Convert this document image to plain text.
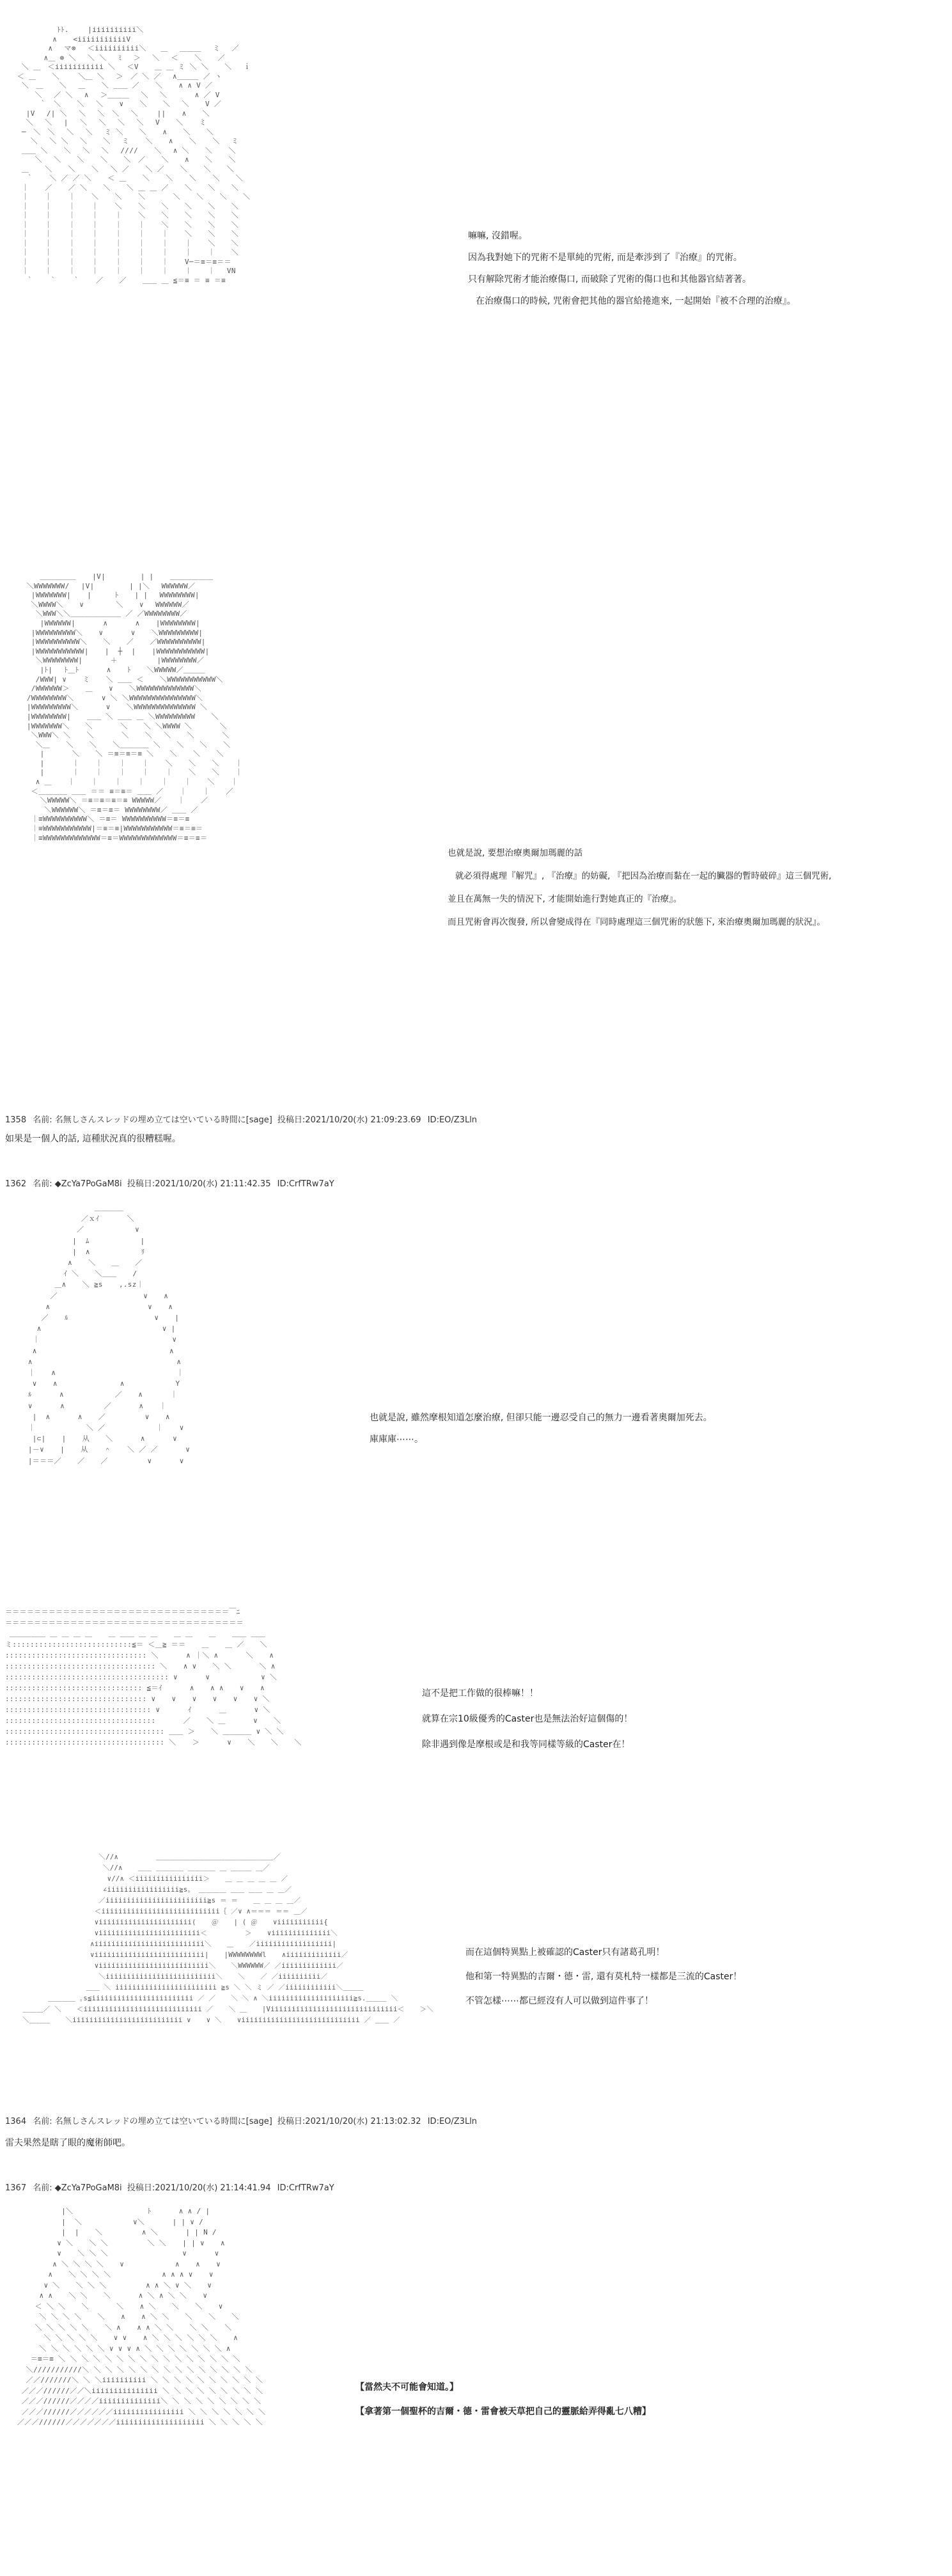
ﾄﾄ. 　　|iiiiiiiiii＼
∧ 　 <iiiiiiiiiiiV
∧ 　マ⊗ 　＜iiiiiiiiii＼　　＿ 　＿＿＿ 　ミ　 ／
∧＿ ⊗ ＼ 　＼ ＼　 ﾐ　 ＞　 ＼　 ＜ 　 ＼ 　 ／
＼ ＿　＜iiiiiiiiiii ＼ 　＜V 　 ＿ ＿ ミ ＼ ＼ 　 ＼　 ｉ
＜ ＿ 　 ＼　 　＼＿ ＼　 ＞　／ ＼ ／　 ∧＿＿＿ ／ ヽ
＼　＿ 　 ＼　 ＿ 　 ＼ ＿＿ ／ 　 ＼ 　 ∧ ∧ V ／
＼ 　／ ＼　 ∧　 ＞＿＿＿　 ＼　 ＼ 　 　 ∧ ／ V
｀　＼ 　 ＼　 ＼ 　 ∨ 　 ＼ 　 ＼　 ＼ 　 V ／
|V　 /| ＼　 ＼ 　＼　＼　 ＼ 　　|| 　 ∧ 　 ＼
＼　 ＼　 |　 ＼ 　＼　 ＼ 　＼ 　V 　 ＼ 　 ミ
─　＼　＼　 ＼　 ＼ 　ミ ＼ 　 ＼ 　 ∧ 　 ＼ 　 ＼
＼ 　＼ ＼ 　＼ 　 ＼ 　ミ 　 ＼ 　 ∧ 　 ＼ 　 ＼ 　ミ
＿＿ ＼ 　 ＼ 　＼ 　＼　 //// 　 ＼　 ∧ ＼ 　 ＼ 　 ＼
＼ 　＼ 　 ＼ 　 ＼ 　 ＼　／ 　 ＼ 　 ∧ 　 ＼ 　 ＼
＿ 　 ＼ 　 ＼ 　 ＼ 　＼ ／ 　 ＼ ／ 　 ＼ 　 ＼ 　 ＼
｀ 　 ＼ ／ ／ ＼ 　 ＜ ＿ 　 ＼ 　 ＼ 　 ＼ 　 ＼ 　 ＼
｜ 　 ／ 　 ／ ＼ 　 ＼ 　 ＼ ＿ ＿ ／ 　 ＼ 　 ＼ 　 ＼
｜ 　 ｜ 　 ｜ 　 ＼ 　 ＼ 　 ＼ 　 　 ＼ 　 ＼ 　 ＼ 　 ＼
｜ 　 ｜ 　 ｜ 　 ｜ 　 ＼ 　 ＼ 　 ＼ 　 ＼ 　 ＼ 　 ＼
｜ 　 ｜ 　 ｜ 　 ｜ 　 ｜ 　 ＼ 　 ＼ 　 ＼ 　 ＼ 　 ＼
｜ 　 ｜ 　 ｜ 　 ｜ 　 ｜ 　 ｜ 　 ＼ 　 ＼ 　 ＼ 　 ＼
｜ 　 ｜ 　 ｜ 　 ｜ 　 ｜ 　 ｜ 　 ｜ 　 ＼ 　 ＼ 　 ＼
｜ 　 ｜ 　 ｜ 　 ｜ 　 ｜ 　 ｜ 　 ｜ 　 ｜ 　 ＼ 　 ＼
｜ 　 ｜ 　 ｜ 　 ｜ 　 ｜ 　 ｜ 　 ｜ 　 ｜ 　 ｜ 　 ＼
｜ 　 ｜ 　 ｜ 　 ｜ 　 ｜ 　 ｜ 　 ｜ 　 V─＝≡＝≡＝＝
｜ 　 ｜ 　 ｜ 　 ｜ 　 ｜ 　 ｜ 　 ｜ 　 ｜ 　 ｜ 　VN
｀ 　 ｀ 　 ｀ 　 ／ 　 ／ 　 ＿＿ ＿ ≦＝≡ ＝ ≡ ＝≡
嘛嘛, 沒錯喔。
因為我對她下的咒術不是單純的咒術, 而是牽涉到了『治療』的咒術。
只有解除咒術才能治療傷口, 而破除了咒術的傷口也和其他器官結著著。
在治療傷口的時候, 咒術會把其他的器官給捲進來, 一起開始『被不合理的治療』。
＿＿＿＿＿ 　 |V| 　　 　 | | 　 ＿＿＿＿＿＿
＼WWWWWWW/　 |V| 　　 　 | |＼ 　WWWWWW／
|WWWWWWW| 　 | 　 　ﾄ 　 | |　 WWWWWWWW|
＼WWWW＼ 　 ∨ 　 　  ＼ 　 ∨ 　WWWWWW／
＼WWW＼＼＿＿＿＿＿＿＿ ／ ／WWWWWWWW／
|WWWWWW| 　 　 ∧ 　 　 ∧ 　 |WWWWWWWW|
|WWWWWWWWW＼ 　 ∨ 　 　 ∨ 　 ＼WWWWWWWWW|
|WWWWWWWWWW＼ 　 ＼ 　 ／ 　 ／WWWWWWWWWW|
|WWWWWWWWWWW| 　 |  ┼  | 　 |WWWWWWWWWWW|
＼WWWWWWWW| 　 　 ＋ 　 　 　 |WWWWWWWW／
|ﾄ| 　ﾄ＿ﾄ 　 　 ∧ 　 ﾄ 　 ＼WWWWW／＿＿＿
/WWW| ∨ 　 ミ 　 ＼ ＿＿ ＜ 　 ＼WWWWWWWWWWW＼
/WWWWWW＞ 　 ＿ 　 ∨ 　 ＼WWWWWWWWWWWWW＼
/WWWWWWWW＼ 　 　 ∨ ＼ ＼WWWWWWWWWWWWWWW＼
|WWWWWWWWW＼ 　 　 ∨ 　 ＼WWWWWWWWWWWWWW ＼
|WWWWWWWW| 　 ＿＿ ＼ ＿＿ ＿ ＼WWWWWWWWW 　 ＼
|WWWWWWW＼ 　 ＼ 　 　 ＼ 　 ＼ ＼WWWW ＼ 　 　 ＼
＼WWW＼ ＼ 　 ＼ 　 　 ＼ 　 ＼ 　＼ 　 ＼ 　 　 ＼
＼＿ 　 ＼ 　 ＼ 　 ＼＿＿＿＿ ＼ 　 ＼ 　 ＼ 　 ＼
| 　 　 ＼ 　 ＼ ＝≡＝≡＝≡ ＼ 　 ＼ 　 ＼ 　 ＼
| 　 　 ｜ 　 ｜ 　 ｜ 　 ｜ 　 ＼ 　 ＼ 　 ＼ 　 ｜
| 　 　 ｜ 　 ｜ 　 ｜ 　 ｜ 　 ｜ 　 ＼ 　 ＼ 　 ｜
∧ ＿ 　 ｜ 　 ｜ 　 ｜ 　 ｜ 　 ｜ 　 ｜ 　 ＼ 　 ｜
＜＿＿＿＿ ＿＿ ＝＝ ≡＝≡＝ ＿＿ ／ 　 ｜ 　 ｜ 　 ／
＼WWWWW＼ ＝≡＝≡＝≡＝≡ WWWWW／ 　 ｜ 　 ／
＼WWWWWW＼ ＝≡＝≡＝ WWWWWWWW／ ＿＿ ／
｜≡WWWWWWWWWW＼ ＝≡＝ WWWWWWWWWW＝≡＝≡
｜≡WWWWWWWWWWW|＝≡＝≡|WWWWWWWWWWW＝≡＝≡＝
｜≡WWWWWWWWWWWWW＝≡＝WWWWWWWWWWWWW＝≡＝≡＝
也就是說, 要想治療奧爾加瑪麗的話
就必須得處理『解咒』, 『治療』的妨礙, 『把因為治療而黏在一起的臟器的暫時破碎』這三個咒術,
並且在萬無一失的情況下, 才能開始進行對她真正的『治療』。
而且咒術會再次復發, 所以會變成得在『同時處理這三個咒術的狀態下, 來治療奧爾加瑪麗的狀況』。
1358 名前: 名無しさんスレッドの埋め立ては空いている時間に[sage] 投稿日:2021/10/20(水) 21:09:23.69 ID:EO/Z3Lln
如果是一個人的話, 這種狀況真的很糟糕喔。
1362 名前: ◆ZcYa7PoGaM8i 投稿日:2021/10/20(水) 21:11:42.35 ID:CrfTRw7aY
＿＿＿＿
／ｘｲ 　 　 ＼
／ 　 　 　 　 ∨
|  ﾑ 　 　 　 　 |
|  ∧ 　 　 　 　 ﾘ
∧ 　 ＼ 　 ＿ 　 ／
ｲ ＼ 　 ＼＿＿ 　 /
＿∧ 　 ＼ ≧s 　 ,.sz｜
／ 　 　 　 　 　 　 　 ∨ 　 ∧
∧ 　 　 　 　 　 　 　 　 ∨ 　 ∧
／ 　 ﾙ 　 　 　 　 　 　 　 ∨ 　 |
∧ 　 　 　 　 　 　 　 　 　 　 ∨ |
｜ 　 　 　 　 　 　 　 　 　 　 　 ∨
∧ 　 　 　 　 　 　 　 　 　 　 　 ∧
∧ 　 　 　 　 　 　 　 　 　 　 　 　 ∧
｜ 　 ∧ 　 　 　 　 　 　 　 　 　 　 ｜
∨ 　 ∧ 　 　 　 　 　 ∧ 　 　 　 　 Y
ﾙ 　 　 ∧ 　 　 　 　 ／ 　 ∧ 　 　 ｜
∨ 　 　 ∧ 　 　 　 ／ 　 　 ∧ 　 ｜
|  ∧ 　 　 ∧ 　 ／ 　 　 　 ∨ 　 ∧
｜ 　 　 　 　 ＼ ／ 　 　 　 　 ｜ 　 ∨
|⊂| 　 | 　 从 　 ＼ 　 　 ∧ 　 　 ∨
|－∨ 　 | 　 从 　 ＾ 　 ＼ ／ ／ 　 　 ∨
|＝＝＝／ 　 ／ 　 ／ 　 　 　 ∨ 　 　 ∨
也就是說, 雖然摩根知道怎麼治療, 但卻只能一邊忍受自己的無力一邊看著奧爾加死去。
庫庫庫⋯⋯。
＝＝＝＝＝＝＝＝＝＝＝＝＝＝＝＝＝＝＝＝＝＝＝＝＝＝＝＝＝＝＝￣ﾆ
＝＝＝＝＝＝＝＝＝＝＝＝＝＝＝＝＝＝＝＝＝＝＝＝＝＝＝＝＝＝＝＝＝
＿＿＿＿＿ ＿ ＿ ＿ ＿ 　 ＿ ＿＿ ＿ ＿ 　 ＿ ＿ 　 ＿ 　 ＿＿ ＿＿
ミ:::::::::::::::::::::::::::≦＝ ＜＿≧ ＝＝ 　 ＿ 　 ＿ ／ 　 ＼
:::::::::::::::::::::::::::::::: ＼ 　 　 ∧ ｜＼ ∧ 　 　 ＼ 　 ∧
:::::::::::::::::::::::::::::::::: ＼ 　 ∧ ∨ 　 ＼ ＼ 　 　 ＼ ∧
::::::::::::::::::::::::::::::::::::: ∨ 　 　 ∨ 　 　 　 　 ∨ ＼
::::::::::::::::::::::::::::::: ≦＝ｲ 　 　 ∧ 　 ∧ ∧ 　 ∨ 　 ∧
:::::::::::::::::::::::::::::::: ∨ 　 ∨ 　 ∨ 　 ∨ 　 ∨ 　 ∨ ＼
::::::::::::::::::::::::::::::::: ∨ 　 　 ｲ 　 　 ＿ 　 　 ∨ ＼
:::::::::::::::::::::::::::::::::: 　 　 ／ 　 ＼ ＿ 　 　 ∨ 　 ＼
:::::::::::::::::::::::::::::::::::: ＿＿ ＞ 　 ＼ ＿＿＿＿ ∨ ＼ ＼
:::::::::::::::::::::::::::::::::::: ＼ 　 ＞ 　 　 ∨ 　 ＼ 　 ＼ 　 ＼
這不是把工作做的很棒嘛！！
就算在宗10級優秀的Caster也是無法治好這個傷的！
除非遇到像是摩根或是和我等同樣等級的Caster在！
＼//∧ 　 　 　 ＿＿＿＿＿＿＿＿＿＿＿＿＿＿＿＿＿／
＼//∧ 　 ＿＿ ＿＿＿＿ ＿＿＿＿ ＿ ＿＿＿ ＿／
∨//∧ ＜iiiiiiiiiiiiiiii＞ 　 ＿ ＿ ＿ ＿ ＿ ／
∠iiiiiiiiiiiiiiiii≧s。 ＿＿＿＿ ＿＿ ＿＿ ＿ ＿／
／iiiiiiiiiiiiiiiiiiiiiiii≧s ＝ ＝ 　 ＿ ＿ ＿ ＿／
＜iiiiiiiiiiiiiiiiiiiiiiiiiiii｛ ／∨ ∧＝＝＝ ＝＝ ＿／
∨iiiiiiiiiiiiiiiiiiiiii( 　 ＠ 　 | ( ＠ 　 ∨iiiiiiiiiii{
∨iiiiiiiiiiiiiiiiiiiiiiii＜ 　 　 　 ＞ 　 ∨iiiiiiiiiiiiii＼
∧iiiiiiiiiiiiiiiiiiiiiiiiii＼ 　 ＿ 　 ／iiiiiiiiiiiiiiiiii|
∨iiiiiiiiiiiiiiiiiiiiiiiiii| 　 |WWWWWWWWl 　 ∧iiiiiiiiiiiii／
∨iiiiiiiiiiiiiiiiiiiiiiiiii＼ 　 ＼WWWWWW／ ／iiiiiiiiiiiii／
＼iiiiiiiiiiiiiiiiiiiiiiiiii＼ 　 ＼ 　 ／ ／iiiiiiiiii／
＿＿ ＼ iiiiiiiiiiiiiiiiiiiiiiii ≧s ＼ ＼ ミ ／ ／iiiiiiiiiiii＼＿＿＿
＿＿＿＿ ｡s≦iiiiiiiiiiiiiiiiiiiiiiii ／ ／ 　 ＼ ＼ ∧ ＼iiiiiiiiiiiiiiiiiiii≧s.＿＿＿ ＼
＿＿＿／ ＼ 　 ＜iiiiiiiiiiiiiiiiiiiiiiiiiiii ／ 　 ＼ ＿ 　 |Viiiiiiiiiiiiiiiiiiiiiiiiiiiiii＜ 　 ＞＼
＼＿＿＿ 　 ＼iiiiiiiiiiiiiiiiiiiiiiiiii ∨ 　 ∨ ＼ 　 ∨iiiiiiiiiiiiiiiiiiiiiiiiiiii ／ ＿＿ ／
而在這個特異點上被確認的Caster只有諸葛孔明！
他和第一特異點的吉爾・德・雷, 還有莫札特一樣都是三流的Caster！
不管怎樣⋯⋯都已經沒有人可以做到這件事了！
1364 名前: 名無しさんスレッドの埋め立ては空いている時間に[sage] 投稿日:2021/10/20(水) 21:13:02.32 ID:EO/Z3Lln
雷夫果然是瞎了眼的魔術師吧。
1367 名前: ◆ZcYa7PoGaM8i 投稿日:2021/10/20(水) 21:14:41.94 ID:CrfTRw7aY
|＼ 　 　 　 　 　 　 ﾄ 　 　 ∧ ∧ / |
|  ＼ 　 　 　 　 ∨＼ 　 　 | | ∨ /
|  | 　 ＼ 　 　 　 ∧ ＼ 　 　 | | N /
∨ ＼ 　 ＼ ＼ 　 　 　 ＼ ＼ 　 | | ∨ 　 ∧
∨ 　 ＼ ＼ ＼ 　 　 　 　 　 　 ∨ 　 　 ∨
∧ ＼ ＼ ＼ ＼ 　 ∨ 　 　 　 　 ∧ 　 ∧ 　 ∨
∧ 　 ＼ ＼ ＼ ＼ 　 　 　 　 ∧ ∧ ∧ ∨ 　 ∨
∨ ＼ 　 ＼ ＼ ＼ 　 　 　 ∧ ∧ ＼ ∨ ＼ 　 ∨
∧ ∧ 　 ＼ ＼ 　 ＼ 　 　 ∧ ＼ ∧ ＼ ＼ 　 ∨
＜ ＼ ＼ 　 ＼ 　 　 ＼ 　 ∧ ＼ 　 ＼ 　 ＼ 　 ∨
＼ ＼ ＼ ＼ 　 ＼ 　 ∧ 　 ∧ ＼ ＼ 　 ＼ 　 ＼ 　 ＼
＼ ＼ ＼ ＼ ＼ 　 ＼ ∧ 　 ∧ ∧ ＼ ＼ 　 ＼ ＼ 　 ＼
＼ ＼ ＼ ＼ ＼ 　 ∨ ∨ 　 ∧ ＼ ＼ ＼ ＼ ＼ ＼ 　 ∧
＼ ＼ ＼ ＼ ＼ ＼ ∨ ∨ ∨ ∧ ＼ ＼ ＼ ＼ ＼ ＼ ＼ ∧
＝≡＝≡ ＼ ＼ ＼ ＼ ＼ ＼ ＼ ＼ ＼ ＼ ＼ ＼ ＼ ＼ ＼ ＼
＼///////////＼ ＼ ＼ ＼ ＼ ＼ ＼ ＼ ＼ ＼ ＼ ＼ ＼ ＼ ＼
／／///////＼ ＼ ＼iiiiiiiiii ＼ ＼ ＼ ＼ ＼ ＼ ＼ ＼ ＼ ＼
／／／//////／／＼iiiiiiiiiiiiiii ＼ ＼ ＼ ＼ ＼ ＼ ＼ ＼ ＼
／／／//////／／／／iiiiiiiiiiiiii＼ ＼ ＼ ＼ ＼ ＼ ＼ ＼ ＼
／／／//////／／／／／／iiiiiiiiiiiiiiii ＼ ＼ ＼ ＼ ＼ ＼ ＼
／／／//////／／／／／／／iiiiiiiiiiiiiiiiiiii ＼ ＼ ＼ ＼ ＼
【當然夫不可能會知道。】
【拿著第一個聖杯的吉爾・德・雷會被天草把自己的靈脈給弄得亂七八糟】
